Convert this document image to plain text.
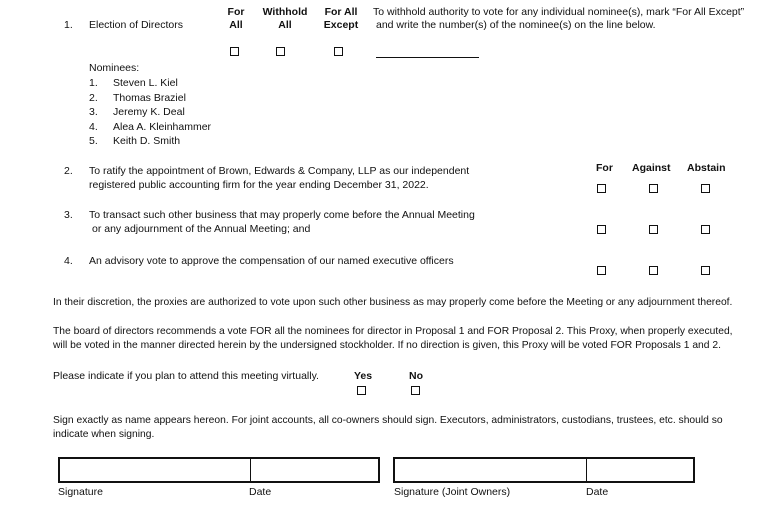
1. Election of Directors
For
All
Withhold
All
For All
Except
To withhold authority to vote for any individual nominee(s), mark “For All Except”
and write the number(s) of the nominee(s) on the line below.
Nominees:
1. Steven L. Kiel
2. Thomas Braziel
3. Jeremy K. Deal
4. Alea A. Kleinhammer
5. Keith D. Smith
For Against Abstain
2. To ratify the appointment of Brown, Edwards & Company, LLP as our independent
registered public accounting firm for the year ending December 31, 2022.
3. To transact such other business that may properly come before the Annual Meeting
or any adjournment of the Annual Meeting; and
4. An advisory vote to approve the compensation of our named executive officers
In their discretion, the proxies are authorized to vote upon such other business as may properly come before the Meeting or any adjournment thereof.
The board of directors recommends a vote FOR all the nominees for director in Proposal 1 and FOR Proposal 2. This Proxy, when properly executed,
will be voted in the manner directed herein by the undersigned stockholder. If no direction is given, this Proxy will be voted FOR Proposals 1 and 2.
Please indicate if you plan to attend this meeting virtually.	Yes	No
Sign exactly as name appears hereon. For joint accounts, all co-owners should sign. Executors, administrators, custodians, trustees, etc. should so
indicate when signing.
Signature	Date	Signature (Joint Owners)	Date
